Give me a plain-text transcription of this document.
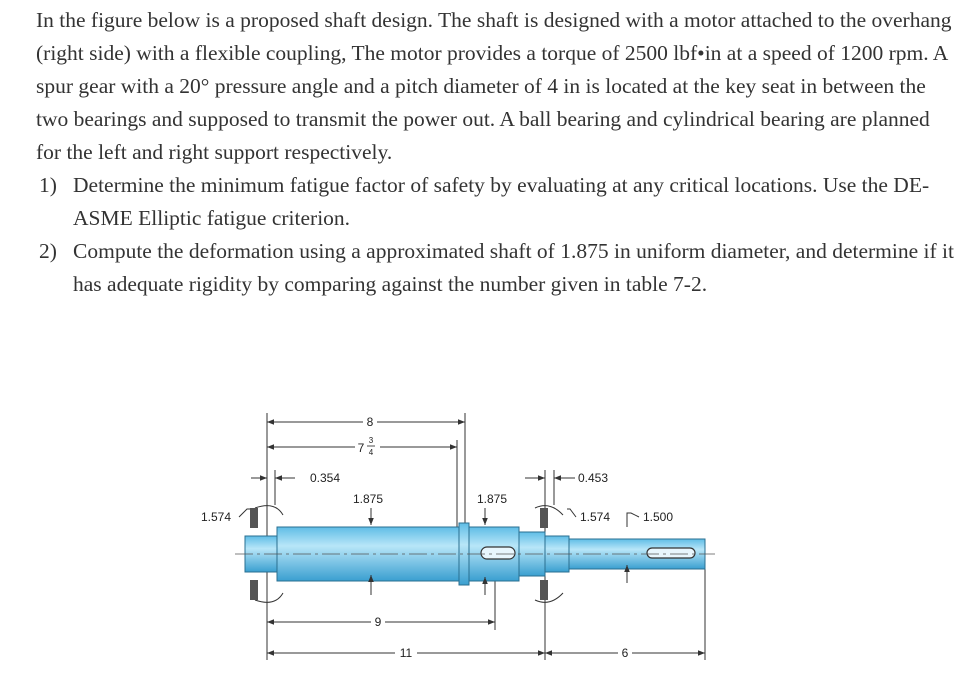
In the figure below is a proposed shaft design. The shaft is designed with a motor attached to the overhang (right side) with a flexible coupling, The motor provides a torque of 2500 lbf•in at a speed of 1200 rpm. A spur gear with a 20° pressure angle and a pitch diameter of 4 in is located at the key seat in between the two bearings and supposed to transmit the power out. A ball bearing and cylindrical bearing are planned for the left and right support respectively.

1) Determine the minimum fatigue factor of safety by evaluating at any critical locations. Use the DE-ASME Elliptic fatigue criterion.
2) Compute the deformation using a approximated shaft of 1.875 in uniform diameter, and determine if it has adequate rigidity by comparing against the number given in table 7-2.
8
7
3
4
0.354	0.453
1.574
1.875	1.875
1.574	1.500
9
11	6
